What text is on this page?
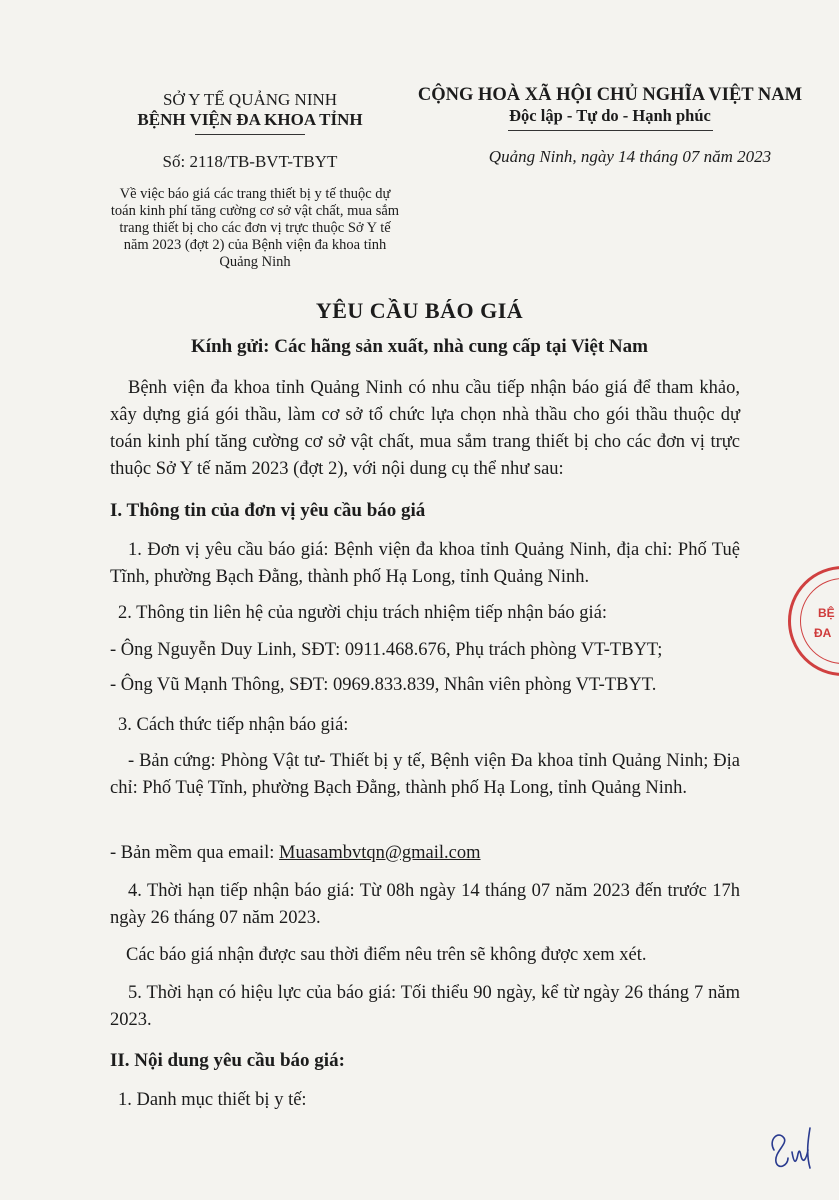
SỞ Y TẾ QUẢNG NINH
BỆNH VIỆN ĐA KHOA TỈNH
CỘNG HOÀ XÃ HỘI CHỦ NGHĨA VIỆT NAM
Độc lập - Tự do - Hạnh phúc
Số: 2118/TB-BVT-TBYT	Quảng Ninh, ngày 14 tháng 07 năm 2023
Về việc báo giá các trang thiết bị y tế thuộc dự toán kinh phí tăng cường cơ sở vật chất, mua sắm trang thiết bị cho các đơn vị trực thuộc Sở Y tế năm 2023 (đợt 2) của Bệnh viện đa khoa tỉnh Quảng Ninh
YÊU CẦU BÁO GIÁ
Kính gửi: Các hãng sản xuất, nhà cung cấp tại Việt Nam
Bệnh viện đa khoa tỉnh Quảng Ninh có nhu cầu tiếp nhận báo giá để tham khảo, xây dựng giá gói thầu, làm cơ sở tổ chức lựa chọn nhà thầu cho gói thầu thuộc dự toán kinh phí tăng cường cơ sở vật chất, mua sắm trang thiết bị cho các đơn vị trực thuộc Sở Y tế năm 2023 (đợt 2), với nội dung cụ thể như sau:
I. Thông tin của đơn vị yêu cầu báo giá
1. Đơn vị yêu cầu báo giá: Bệnh viện đa khoa tỉnh Quảng Ninh, địa chỉ: Phố Tuệ Tĩnh, phường Bạch Đằng, thành phố Hạ Long, tỉnh Quảng Ninh.
2. Thông tin liên hệ của người chịu trách nhiệm tiếp nhận báo giá:
- Ông Nguyễn Duy Linh, SĐT: 0911.468.676, Phụ trách phòng VT-TBYT;
- Ông Vũ Mạnh Thông, SĐT: 0969.833.839, Nhân viên phòng VT-TBYT.
3. Cách thức tiếp nhận báo giá:
- Bản cứng: Phòng Vật tư- Thiết bị y tế, Bệnh viện Đa khoa tỉnh Quảng Ninh; Địa chỉ: Phố Tuệ Tĩnh, phường Bạch Đằng, thành phố Hạ Long, tỉnh Quảng Ninh.
- Bản mềm qua email: Muasambvtqn@gmail.com
4. Thời hạn tiếp nhận báo giá: Từ 08h ngày 14 tháng 07 năm 2023 đến trước 17h ngày 26 tháng 07 năm 2023.
Các báo giá nhận được sau thời điểm nêu trên sẽ không được xem xét.
5. Thời hạn có hiệu lực của báo giá: Tối thiểu 90 ngày, kể từ ngày 26 tháng 7 năm 2023.
II. Nội dung yêu cầu báo giá:
1. Danh mục thiết bị y tế:
BỆ
ĐA
